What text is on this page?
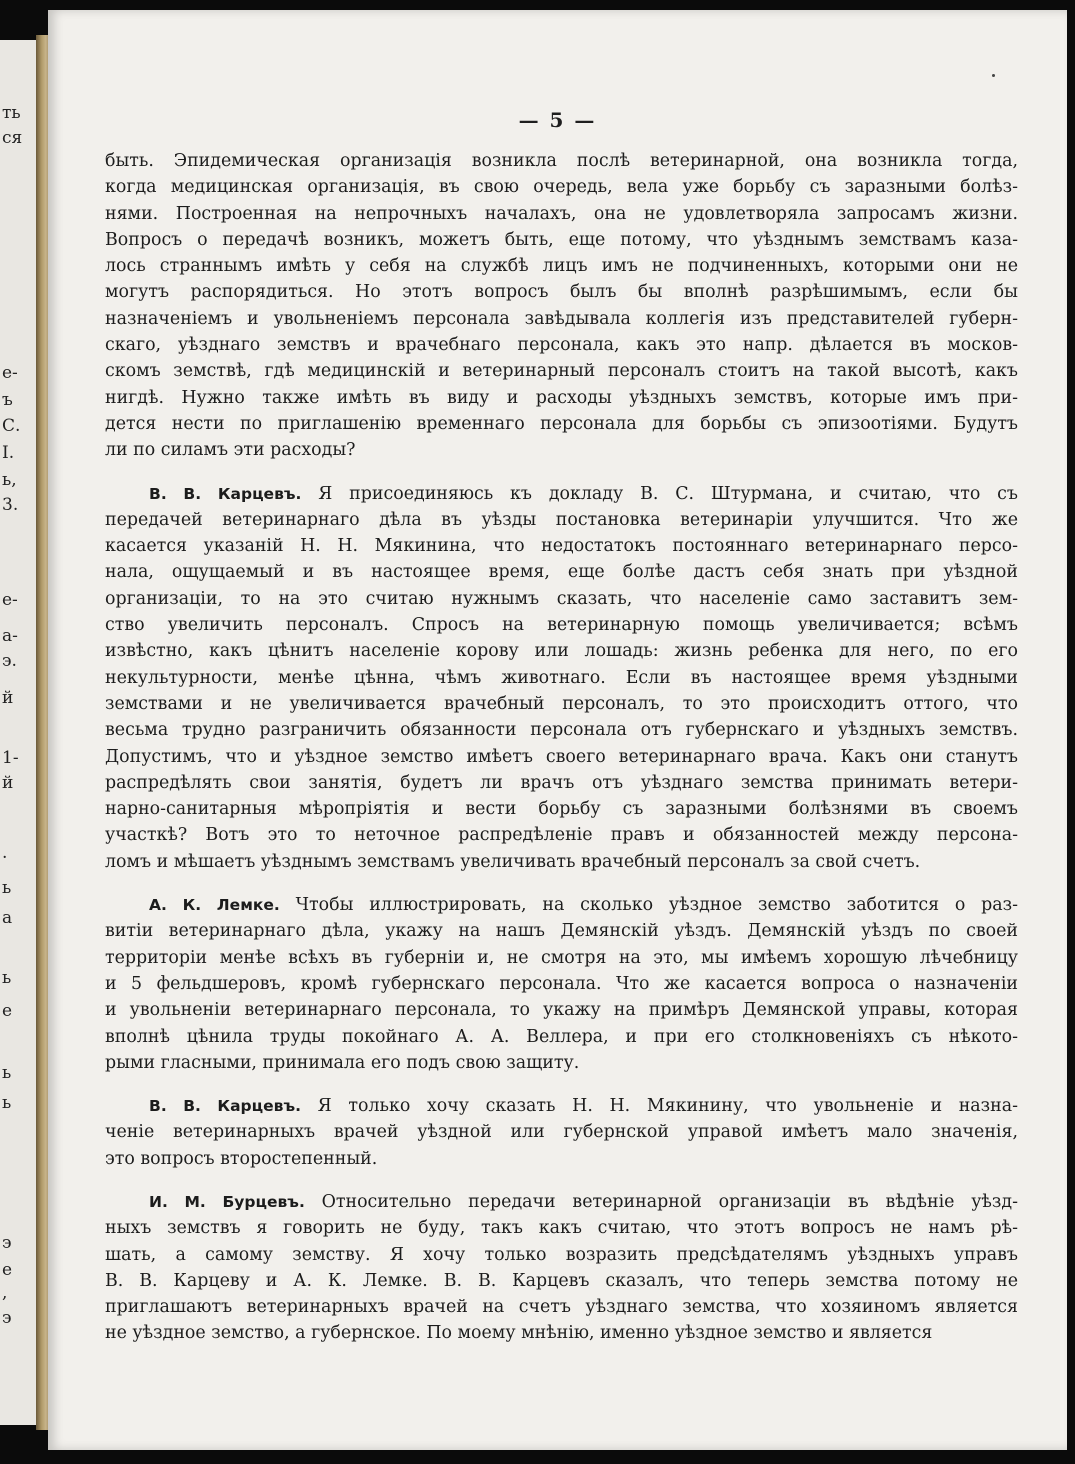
ть
ся
е-
ъ
С.
I.
ь,
3.
е-
а-
э.
й
1-
й
.
ь
а
ь
е
ь
ь
э
е
,
э
— 5 —
быть. Эпидемическая организація возникла послѣ ветеринарной, она возникла тогда,
когда медицинская организація, въ свою очередь, вела уже борьбу съ заразными болѣз-
нями. Построенная на непрочныхъ началахъ, она не удовлетворяла запросамъ жизни.
Вопросъ о передачѣ возникъ, можетъ быть, еще потому, что уѣзднымъ земствамъ каза-
лось страннымъ имѣть у себя на службѣ лицъ имъ не подчиненныхъ, которыми они не
могутъ распорядиться. Но этотъ вопросъ былъ бы вполнѣ разрѣшимымъ, если бы
назначеніемъ и увольненіемъ персонала завѣдывала коллегія изъ представителей губерн-
скаго, уѣзднаго земствъ и врачебнаго персонала, какъ это напр. дѣлается въ москов-
скомъ земствѣ, гдѣ медицинскій и ветеринарный персоналъ стоитъ на такой высотѣ, какъ
нигдѣ. Нужно также имѣть въ виду и расходы уѣздныхъ земствъ, которые имъ при-
дется нести по приглашенію временнаго персонала для борьбы съ эпизоотіями. Будутъ
ли по силамъ эти расходы?
В. В. Карцевъ. Я присоединяюсь къ докладу В. С. Штурмана, и считаю, что съ
передачей ветеринарнаго дѣла въ уѣзды постановка ветеринаріи улучшится. Что же
касается указаній Н. Н. Мякинина, что недостатокъ постояннаго ветеринарнаго персо-
нала, ощущаемый и въ настоящее время, еще болѣе дастъ себя знать при уѣздной
организаціи, то на это считаю нужнымъ сказать, что населеніе само заставитъ зем-
ство увеличить персоналъ. Спросъ на ветеринарную помощь увеличивается; всѣмъ
извѣстно, какъ цѣнитъ населеніе корову или лошадь: жизнь ребенка для него, по его
некультурности, менѣе цѣнна, чѣмъ животнаго. Если въ настоящее время уѣздными
земствами и не увеличивается врачебный персоналъ, то это происходитъ оттого, что
весьма трудно разграничить обязанности персонала отъ губернскаго и уѣздныхъ земствъ.
Допустимъ, что и уѣздное земство имѣетъ своего ветеринарнаго врача. Какъ они станутъ
распредѣлять свои занятія, будетъ ли врачъ отъ уѣзднаго земства принимать ветери-
нарно-санитарныя мѣропріятія и вести борьбу съ заразными болѣзнями въ своемъ
участкѣ? Вотъ это то неточное распредѣленіе правъ и обязанностей между персона-
ломъ и мѣшаетъ уѣзднымъ земствамъ увеличивать врачебный персоналъ за свой счетъ.
А. К. Лемке. Чтобы иллюстрировать, на сколько уѣздное земство заботится о раз-
витіи ветеринарнаго дѣла, укажу на нашъ Демянскій уѣздъ. Демянскій уѣздъ по своей
территоріи менѣе всѣхъ въ губерніи и, не смотря на это, мы имѣемъ хорошую лѣчебницу
и 5 фельдшеровъ, кромѣ губернскаго персонала. Что же касается вопроса о назначеніи
и увольненіи ветеринарнаго персонала, то укажу на примѣръ Демянской управы, которая
вполнѣ цѣнила труды покойнаго А. А. Веллера, и при его столкновеніяхъ съ нѣкото-
рыми гласными, принимала его подъ свою защиту.
В. В. Карцевъ. Я только хочу сказать Н. Н. Мякинину, что увольненіе и назна-
ченіе ветеринарныхъ врачей уѣздной или губернской управой имѣетъ мало значенія,
это вопросъ второстепенный.
И. М. Бурцевъ. Относительно передачи ветеринарной организаціи въ вѣдѣніе уѣзд-
ныхъ земствъ я говорить не буду, такъ какъ считаю, что этотъ вопросъ не намъ рѣ-
шать, а самому земству. Я хочу только возразить предсѣдателямъ уѣздныхъ управъ
В. В. Карцеву и А. К. Лемке. В. В. Карцевъ сказалъ, что теперь земства потому не
приглашаютъ ветеринарныхъ врачей на счетъ уѣзднаго земства, что хозяиномъ является
не уѣздное земство, а губернское. По моему мнѣнію, именно уѣздное земство и является
